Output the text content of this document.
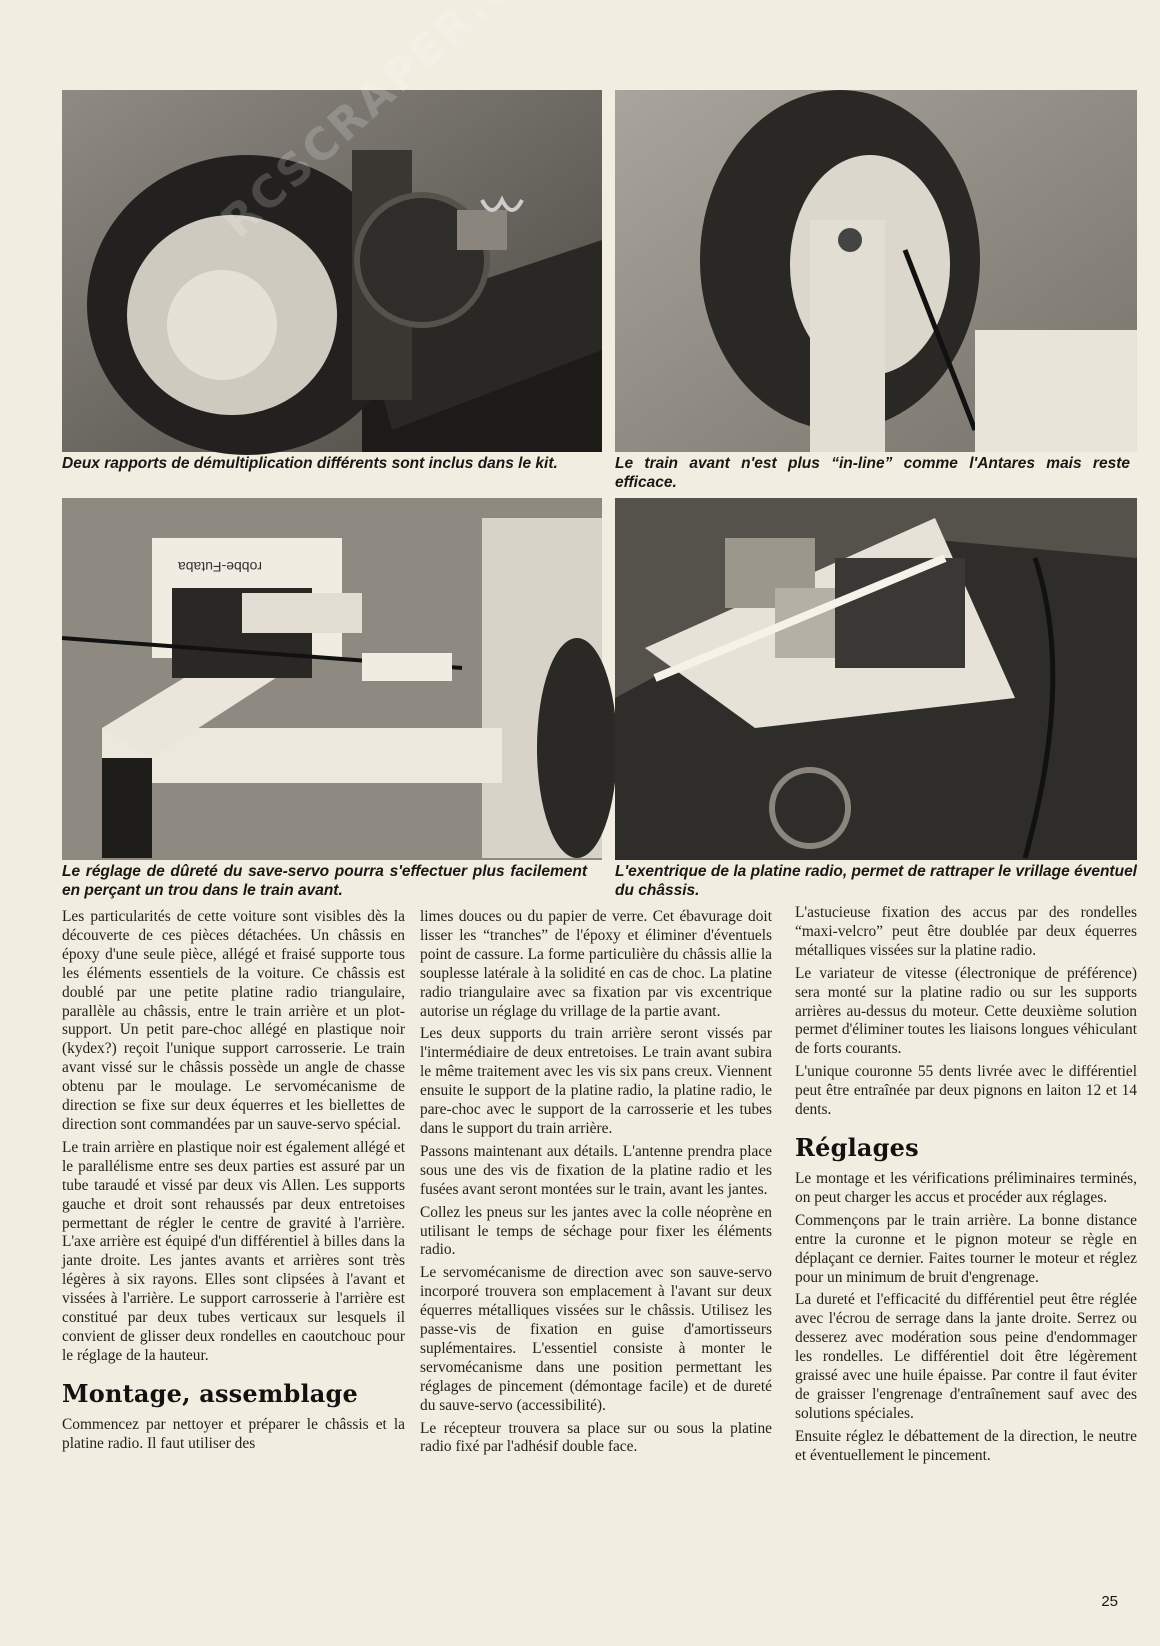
Deux rapports de démultiplication différents sont inclus dans le kit.	Le train avant n'est plus “in-line” comme l'Antares mais reste efficace.
robbe-Futaba
Le réglage de dûreté du save-servo pourra s'effectuer plus facilement en perçant un trou dans le train avant.
L'exentrique de la platine radio, permet de rattraper le vrillage éventuel du châssis.

Les particularités de cette voiture sont visibles dès la découverte de ces pièces détachées. Un châssis en époxy d'une seule pièce, allégé et fraisé supporte tous les éléments essentiels de la voiture. Ce châssis est doublé par une petite platine radio triangulaire, parallèle au châssis, entre le train arrière et un plot-support. Un petit pare-choc allégé en plastique noir (kydex?) reçoit l'unique support carrosserie. Le train avant vissé sur le châssis possède un angle de chasse obtenu par le moulage. Le servomécanisme de direction se fixe sur deux équerres et les biellettes de direction sont commandées par un sauve-servo spécial.

Le train arrière en plastique noir est également allégé et le parallélisme entre ses deux parties est assuré par un tube taraudé et vissé par deux vis Allen. Les supports gauche et droit sont rehaussés par deux entretoises permettant de régler le centre de gravité à l'arrière. L'axe arrière est équipé d'un différentiel à billes dans la jante droite. Les jantes avants et arrières sont très légères à six rayons. Elles sont clipsées à l'avant et vissées à l'arrière. Le support carrosserie à l'arrière est constitué par deux tubes verticaux sur lesquels il convient de glisser deux rondelles en caoutchouc pour le réglage de la hauteur.

Montage, assemblage

Commencez par nettoyer et préparer le châssis et la platine radio. Il faut utiliser des

limes douces ou du papier de verre. Cet ébavurage doit lisser les “tranches” de l'époxy et éliminer d'éventuels point de cassure. La forme particulière du châssis allie la souplesse latérale à la solidité en cas de choc. La platine radio triangulaire avec sa fixation par vis excentrique autorise un réglage du vrillage de la partie avant.

Les deux supports du train arrière seront vissés par l'intermédiaire de deux entretoises. Le train avant subira le même traitement avec les vis six pans creux. Viennent ensuite le support de la platine radio, la platine radio, le pare-choc avec le support de la carrosserie et les tubes dans le support du train arrière.

Passons maintenant aux détails. L'antenne prendra place sous une des vis de fixation de la platine radio et les fusées avant seront montées sur le train, avant les jantes.

Collez les pneus sur les jantes avec la colle néoprène en utilisant le temps de séchage pour fixer les éléments radio.

Le servomécanisme de direction avec son sauve-servo incorporé trouvera son emplacement à l'avant sur deux équerres métalliques vissées sur le châssis. Utilisez les passe-vis de fixation en guise d'amortisseurs suplémentaires. L'essentiel consiste à monter le servomécanisme dans une position permettant les réglages de pincement (démontage facile) et de dureté du sauve-servo (accessibilité).

Le récepteur trouvera sa place sur ou sous la platine radio fixé par l'adhésif double face.

L'astucieuse fixation des accus par des rondelles “maxi-velcro” peut être doublée par deux équerres métalliques vissées sur la platine radio.

Le variateur de vitesse (électronique de préférence) sera monté sur la platine radio ou sur les supports arrières au-dessus du moteur. Cette deuxième solution permet d'éliminer toutes les liaisons longues véhiculant de forts courants.

L'unique couronne 55 dents livrée avec le différentiel peut être entraînée par deux pignons en laiton 12 et 14 dents.

Réglages

Le montage et les vérifications préliminaires terminés, on peut charger les accus et procéder aux réglages.

Commençons par le train arrière. La bonne distance entre la curonne et le pignon moteur se règle en déplaçant ce dernier. Faites tourner le moteur et réglez pour un minimum de bruit d'engrenage.

La dureté et l'efficacité du différentiel peut être réglée avec l'écrou de serrage dans la jante droite. Serrez ou desserez avec modération sous peine d'endommager les rondelles. Le différentiel doit être légèrement graissé avec une huile épaisse. Par contre il faut éviter de graisser l'engrenage d'entraînement sauf avec des solutions spéciales.

Ensuite réglez le débattement de la direction, le neutre et éventuellement le pincement.

25
